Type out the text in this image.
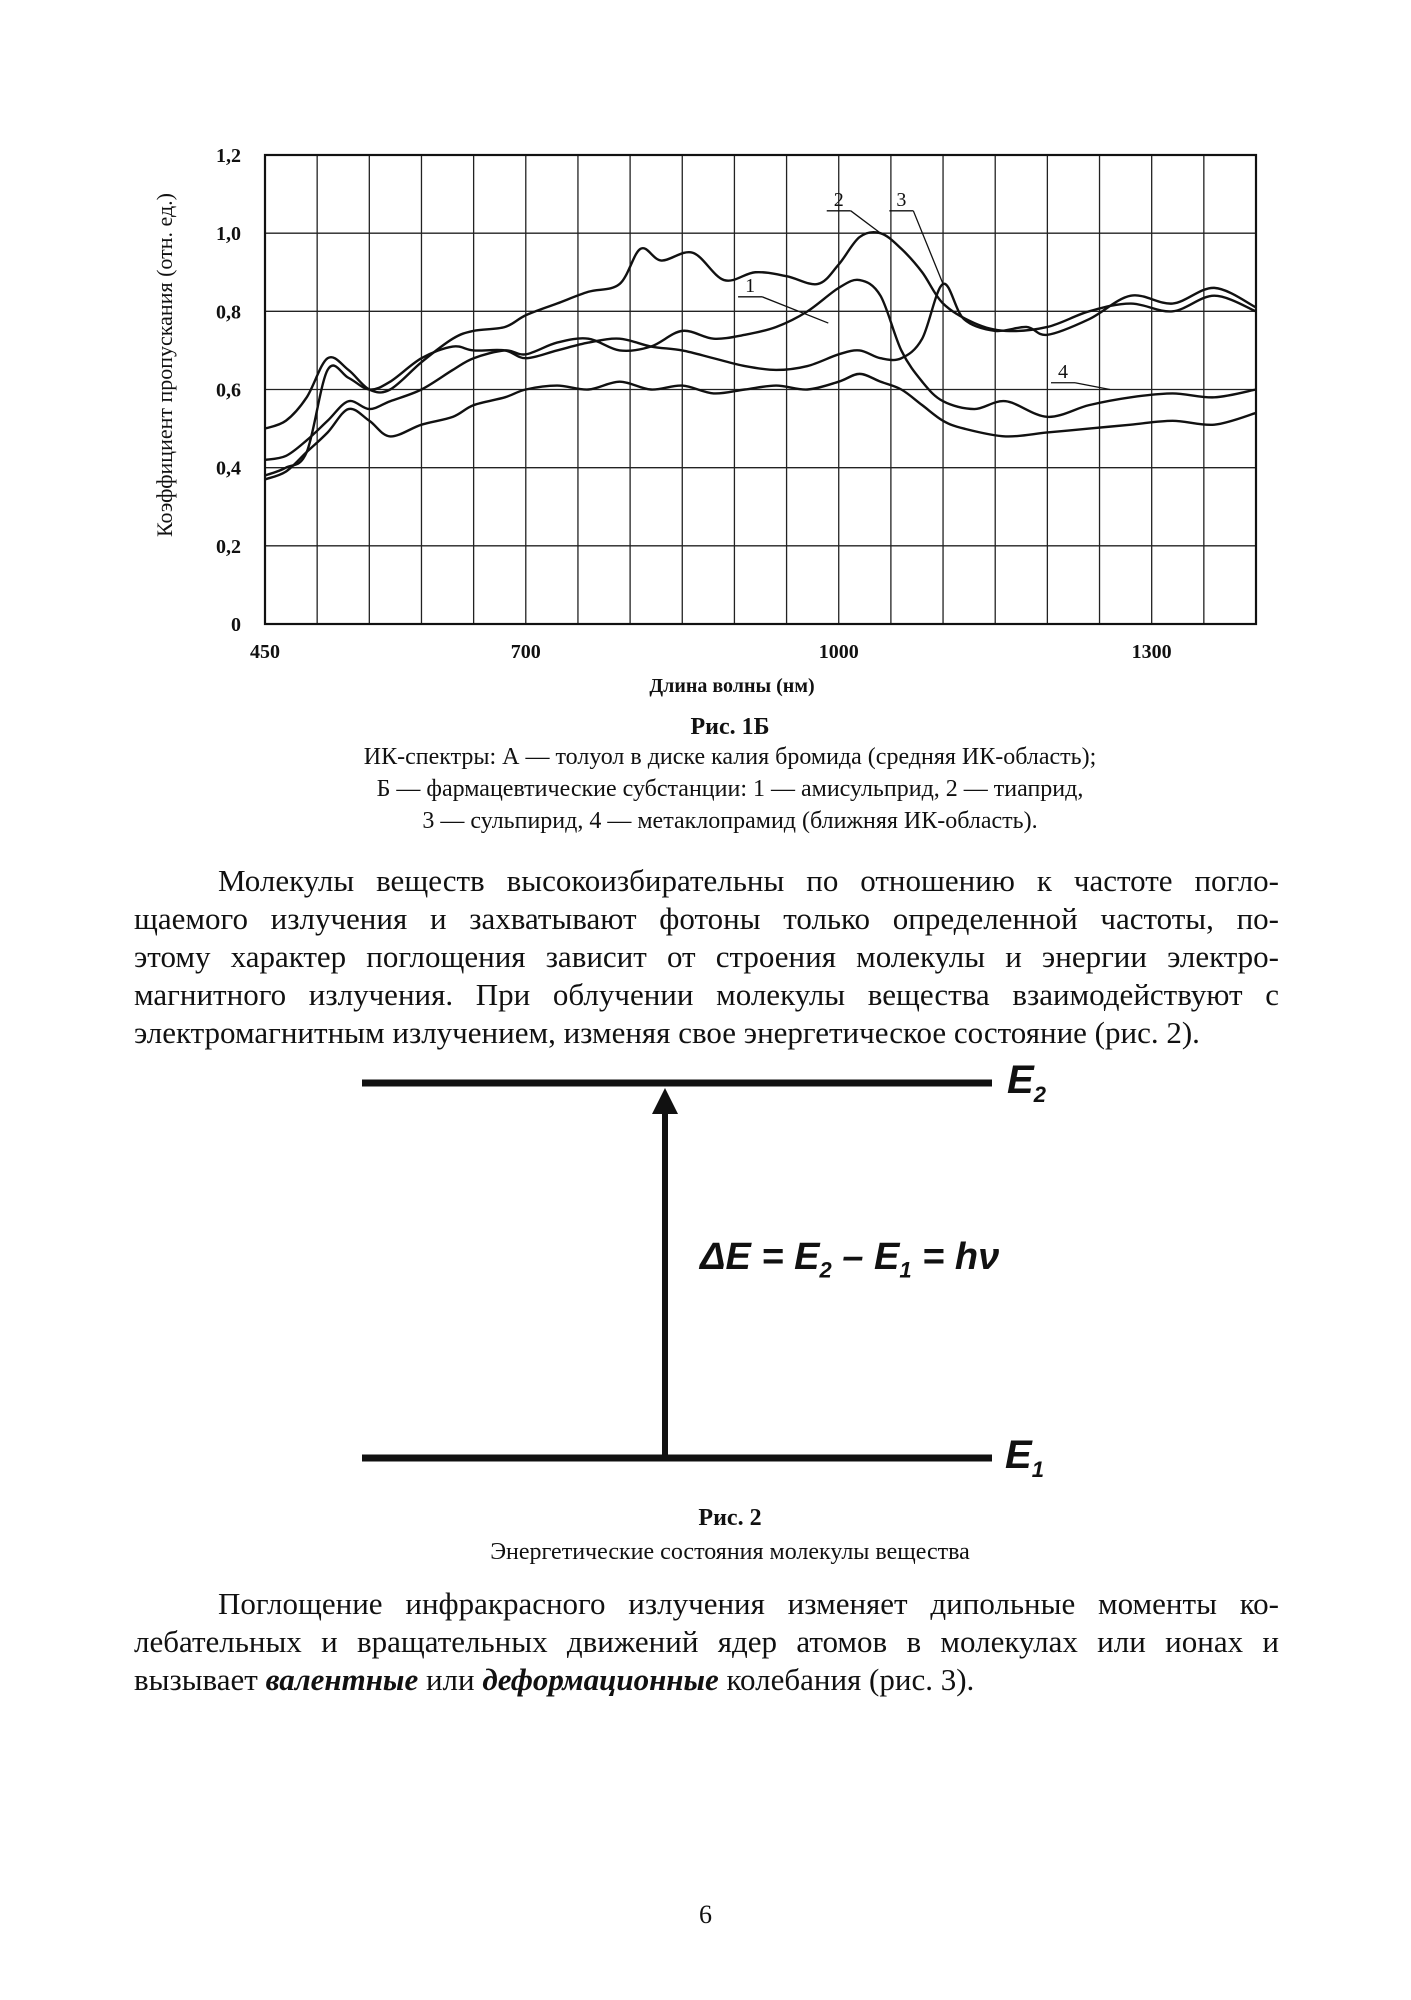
1
2	3
4
450	700	1000	1300
0
0,2
0,4
0,6
0,8
1,0
1,2
Коэффициент пропускания (отн. ед.)
Длина волны (нм)
Рис. 1Б
ИК-спектры: А — толуол в диске калия бромида (средняя ИК-область);
Б — фармацевтические субстанции: 1 — амисульприд, 2 — тиаприд,
3 — сульпирид, 4 — метаклопрамид (ближняя ИК-область).
Молекулы веществ высокоизбирательны по отношению к частоте погло-
щаемого излучения и захватывают фотоны только определенной частоты, по-
этому характер поглощения зависит от строения молекулы и энергии электро-
магнитного излучения. При облучении молекулы вещества взаимодействуют с
электромагнитным излучением, изменяя свое энергетическое состояние (рис. 2).
$E_2$
$E_1$
$\Delta E = E_2 - E_1 = h\nu$
Рис. 2
Энергетические состояния молекулы вещества
Поглощение инфракрасного излучения изменяет дипольные моменты ко-
лебательных и вращательных движений ядер атомов в молекулах или ионах и
вызывает валентные или деформационные колебания (рис. 3).
6
